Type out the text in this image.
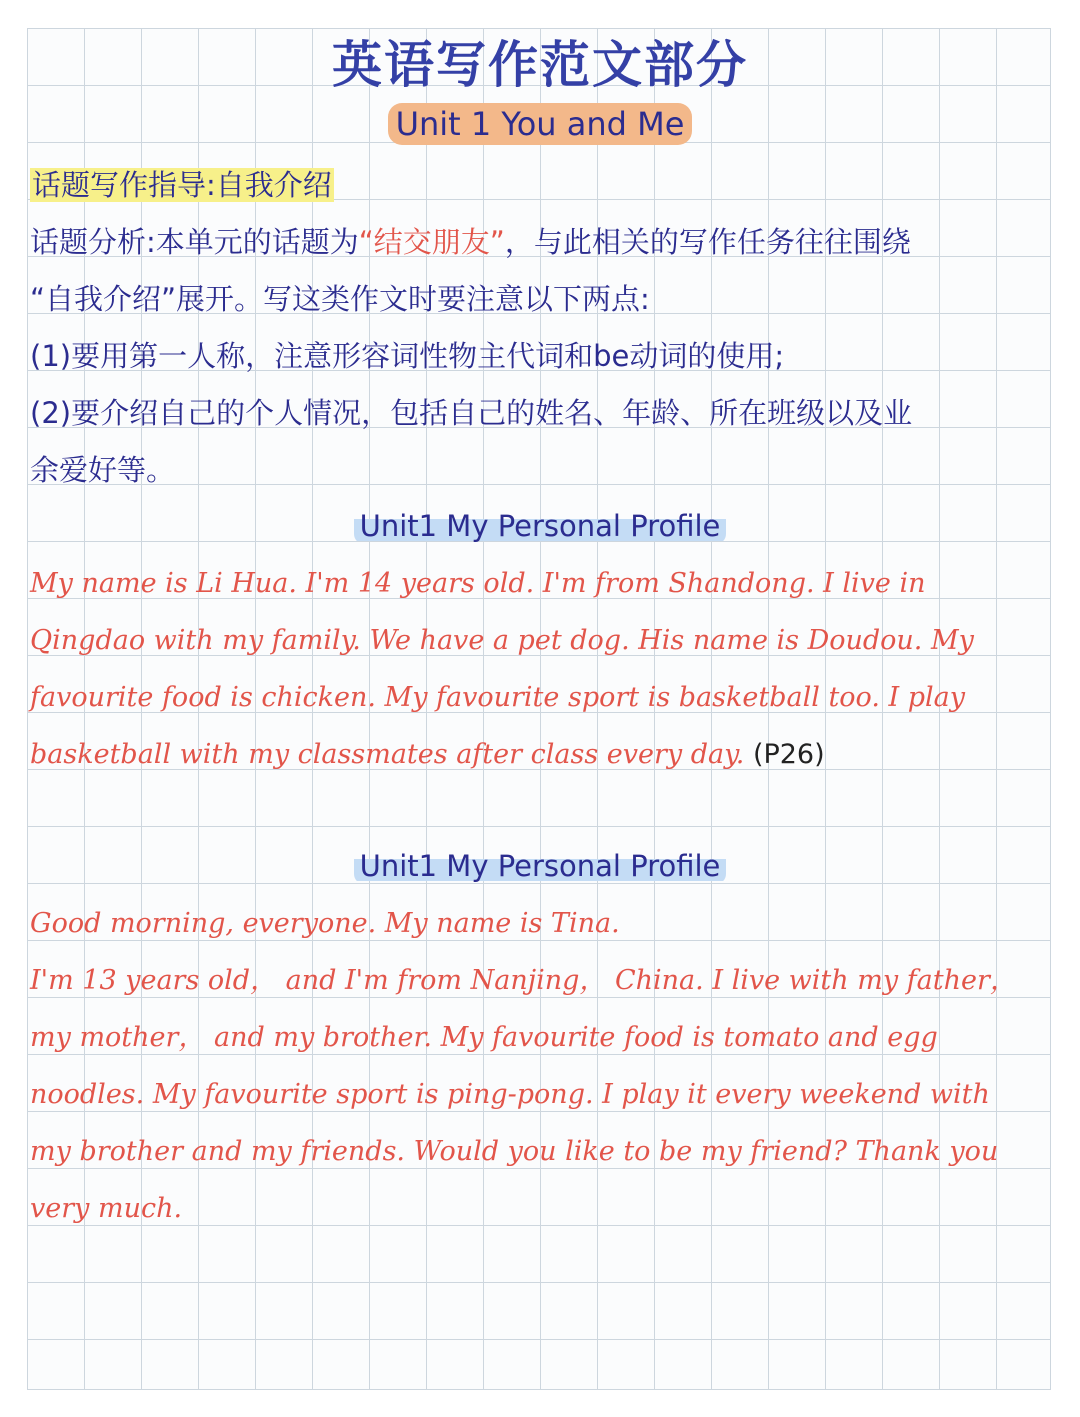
英语写作范文部分
Unit 1 You and Me
话题写作指导:自我介绍
话题分析:本单元的话题为“结交朋友”，与此相关的写作任务往往围绕
“自我介绍”展开。写这类作文时要注意以下两点:
(1)要用第一人称，注意形容词性物主代词和be动词的使用;
(2)要介绍自己的个人情况，包括自己的姓名、年龄、所在班级以及业
余爱好等。
Unit1 My Personal Profile
My name is Li Hua. I'm 14 years old. I'm from Shandong. I live in
Qingdao with my family. We have a pet dog. His name is Doudou. My
favourite food is chicken. My favourite sport is basketball too. I play
basketball with my classmates after class every day. (P26)
Unit1 My Personal Profile
Good morning, everyone. My name is Tina.
I'm 13 years old， and I'm from Nanjing， China. I live with my father，
my mother， and my brother. My favourite food is tomato and egg
noodles. My favourite sport is ping-pong. I play it every weekend with
my brother and my friends. Would you like to be my friend? Thank you
very much.
